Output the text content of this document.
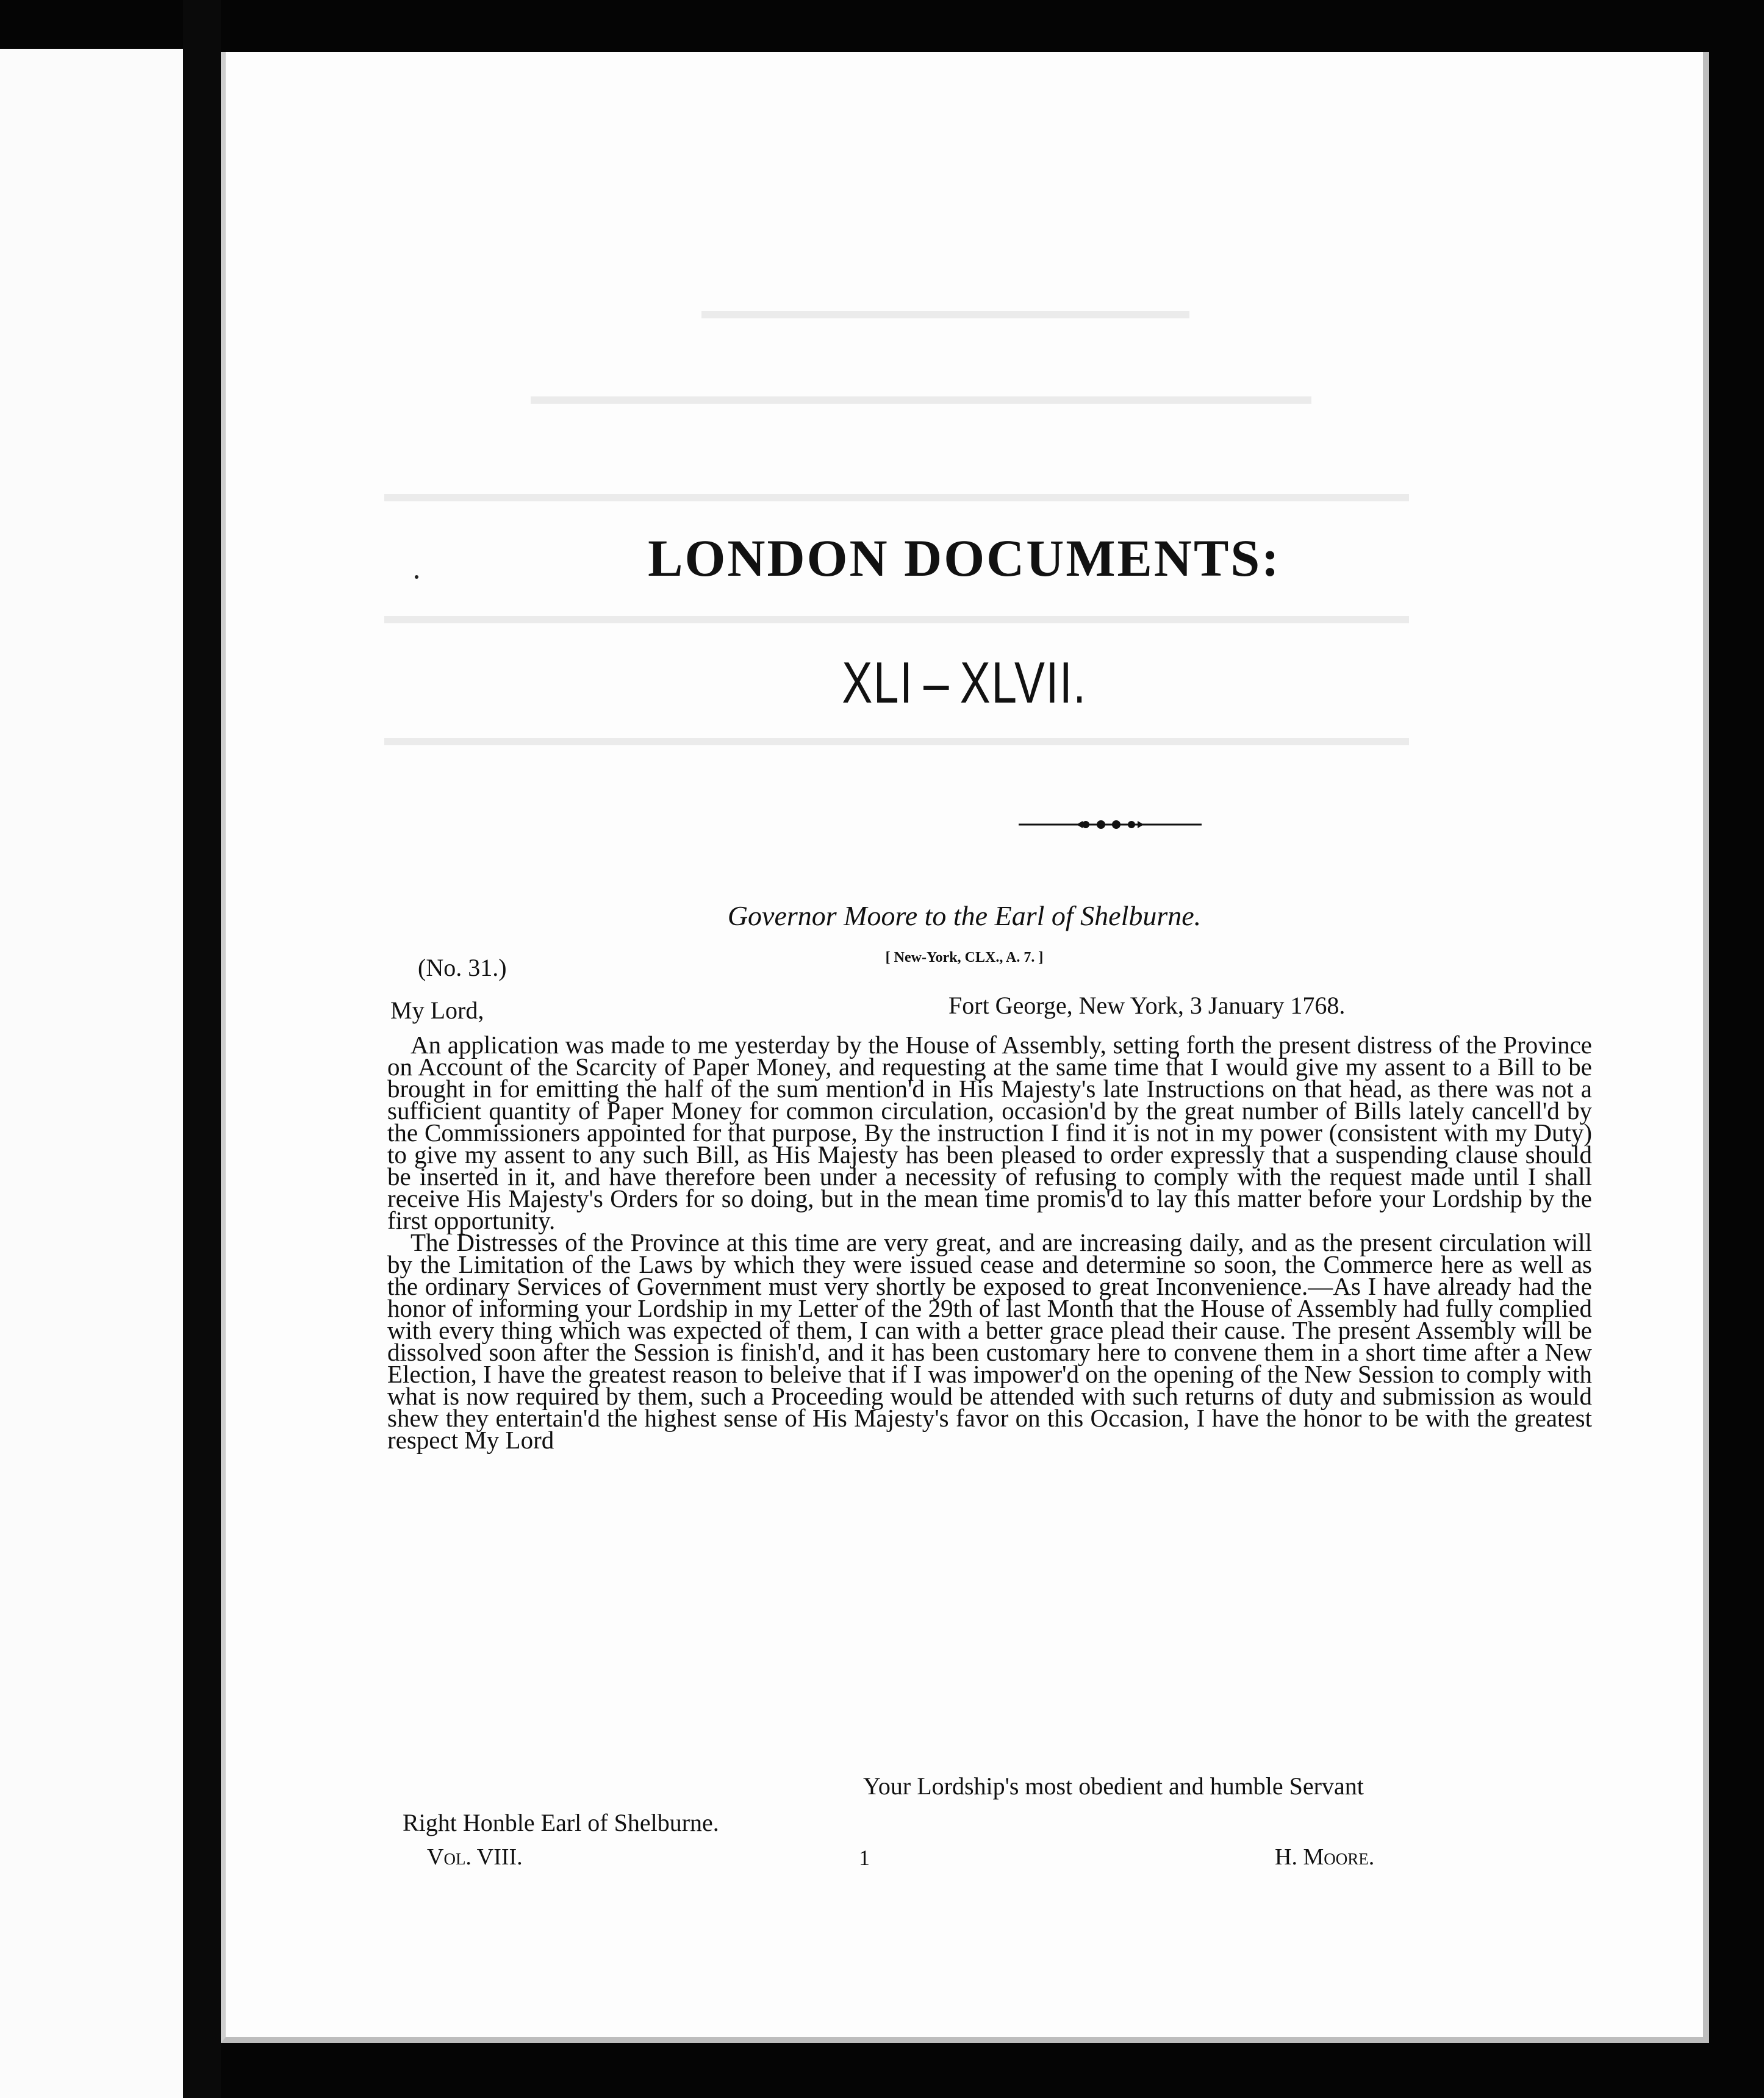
▬▬▬▬▬▬▬▬▬▬▬▬▬▬▬▬▬▬▬▬
▬▬▬▬▬▬▬▬▬▬▬▬▬▬▬▬▬▬▬▬▬▬▬▬▬▬▬▬▬▬▬▬
▬▬▬▬▬▬▬▬▬▬▬▬▬▬▬▬▬▬▬▬▬▬▬▬▬▬▬▬▬▬▬▬▬▬▬▬▬▬▬▬▬▬
▬▬▬▬▬▬▬▬▬▬▬▬▬▬▬▬▬▬▬▬▬▬▬▬▬▬▬▬▬▬▬▬▬▬▬▬▬▬▬▬▬▬
▬▬▬▬▬▬▬▬▬▬▬▬▬▬▬▬▬▬▬▬▬▬▬▬▬▬▬▬▬▬▬▬▬▬▬▬▬▬▬▬▬▬
LONDON DOCUMENTS:
XLI – XLVII.
Governor Moore to the Earl of Shelburne.
[ New-York, CLX., A. 7. ]
(No. 31.)
My Lord,	Fort George, New York, 3 January 1768.

An application was made to me yesterday by the House of Assembly, setting forth the present distress of the Province on Account of the Scarcity of Paper Money, and requesting at the same time that I would give my assent to a Bill to be brought in for emitting the half of the sum mention'd in His Majesty's late Instructions on that head, as there was not a sufficient quantity of Paper Money for common circulation, occasion'd by the great number of Bills lately cancell'd by the Commissioners appointed for that purpose, By the instruction I find it is not in my power (consistent with my Duty) to give my assent to any such Bill, as His Majesty has been pleased to order expressly that a suspending clause should be inserted in it, and have therefore been under a necessity of refusing to comply with the request made until I shall receive His Majesty's Orders for so doing, but in the mean time promis'd to lay this matter before your Lordship by the first opportunity.

The Distresses of the Province at this time are very great, and are increasing daily, and as the present circulation will by the Limitation of the Laws by which they were issued cease and determine so soon, the Commerce here as well as the ordinary Services of Government must very shortly be exposed to great Inconvenience.—As I have already had the honor of informing your Lordship in my Letter of the 29th of last Month that the House of Assembly had fully complied with every thing which was expected of them, I can with a better grace plead their cause. The present Assembly will be dissolved soon after the Session is finish'd, and it has been customary here to convene them in a short time after a New Election, I have the greatest reason to beleive that if I was impower'd on the opening of the New Session to comply with what is now required by them, such a Proceeding would be attended with such returns of duty and submission as would shew they entertain'd the highest sense of His Majesty's favor on this Occasion, I have the honor to be with the greatest respect My Lord

Your Lordship's most obedient and humble Servant
Right Honble Earl of Shelburne.
Vol. VIII.	1	H. Moore.
